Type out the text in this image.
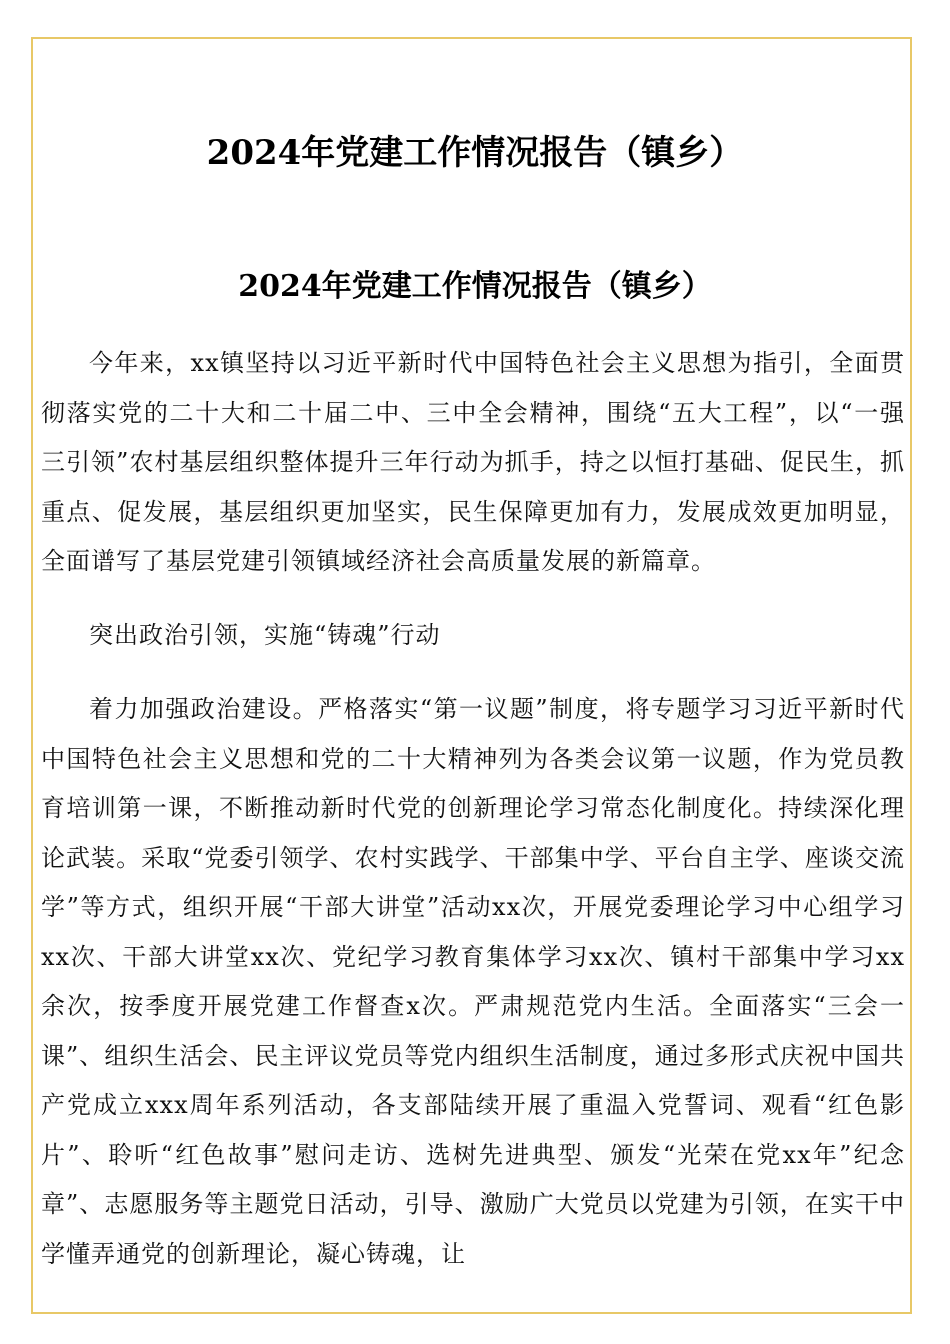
2024年党建工作情况报告（镇乡）
2024年党建工作情况报告（镇乡）

今年来，xx镇坚持以习近平新时代中国特色社会主义思想为指引，全面贯彻落实党的二十大和二十届二中、三中全会精神，围绕“五大工程”，以“一强三引领”农村基层组织整体提升三年行动为抓手，持之以恒打基础、促民生，抓重点、促发展，基层组织更加坚实，民生保障更加有力，发展成效更加明显，全面谱写了基层党建引领镇域经济社会高质量发展的新篇章。

突出政治引领，实施“铸魂”行动

着力加强政治建设。严格落实“第一议题”制度，将专题学习习近平新时代中国特色社会主义思想和党的二十大精神列为各类会议第一议题，作为党员教育培训第一课，不断推动新时代党的创新理论学习常态化制度化。持续深化理论武装。采取“党委引领学、农村实践学、干部集中学、平台自主学、座谈交流学”等方式，组织开展“干部大讲堂”活动xx次，开展党委理论学习中心组学习xx次、干部大讲堂xx次、党纪学习教育集体学习xx次、镇村干部集中学习xx余次，按季度开展党建工作督查x次。严肃规范党内生活。全面落实“三会一课”、组织生活会、民主评议党员等党内组织生活制度，通过多形式庆祝中国共产党成立xxx周年系列活动，各支部陆续开展了重温入党誓词、观看“红色影片”、聆听“红色故事”慰问走访、选树先进典型、颁发“光荣在党xx年”纪念章”、志愿服务等主题党日活动，引导、激励广大党员以党建为引领，在实干中学懂弄通党的创新理论，凝心铸魂，让
